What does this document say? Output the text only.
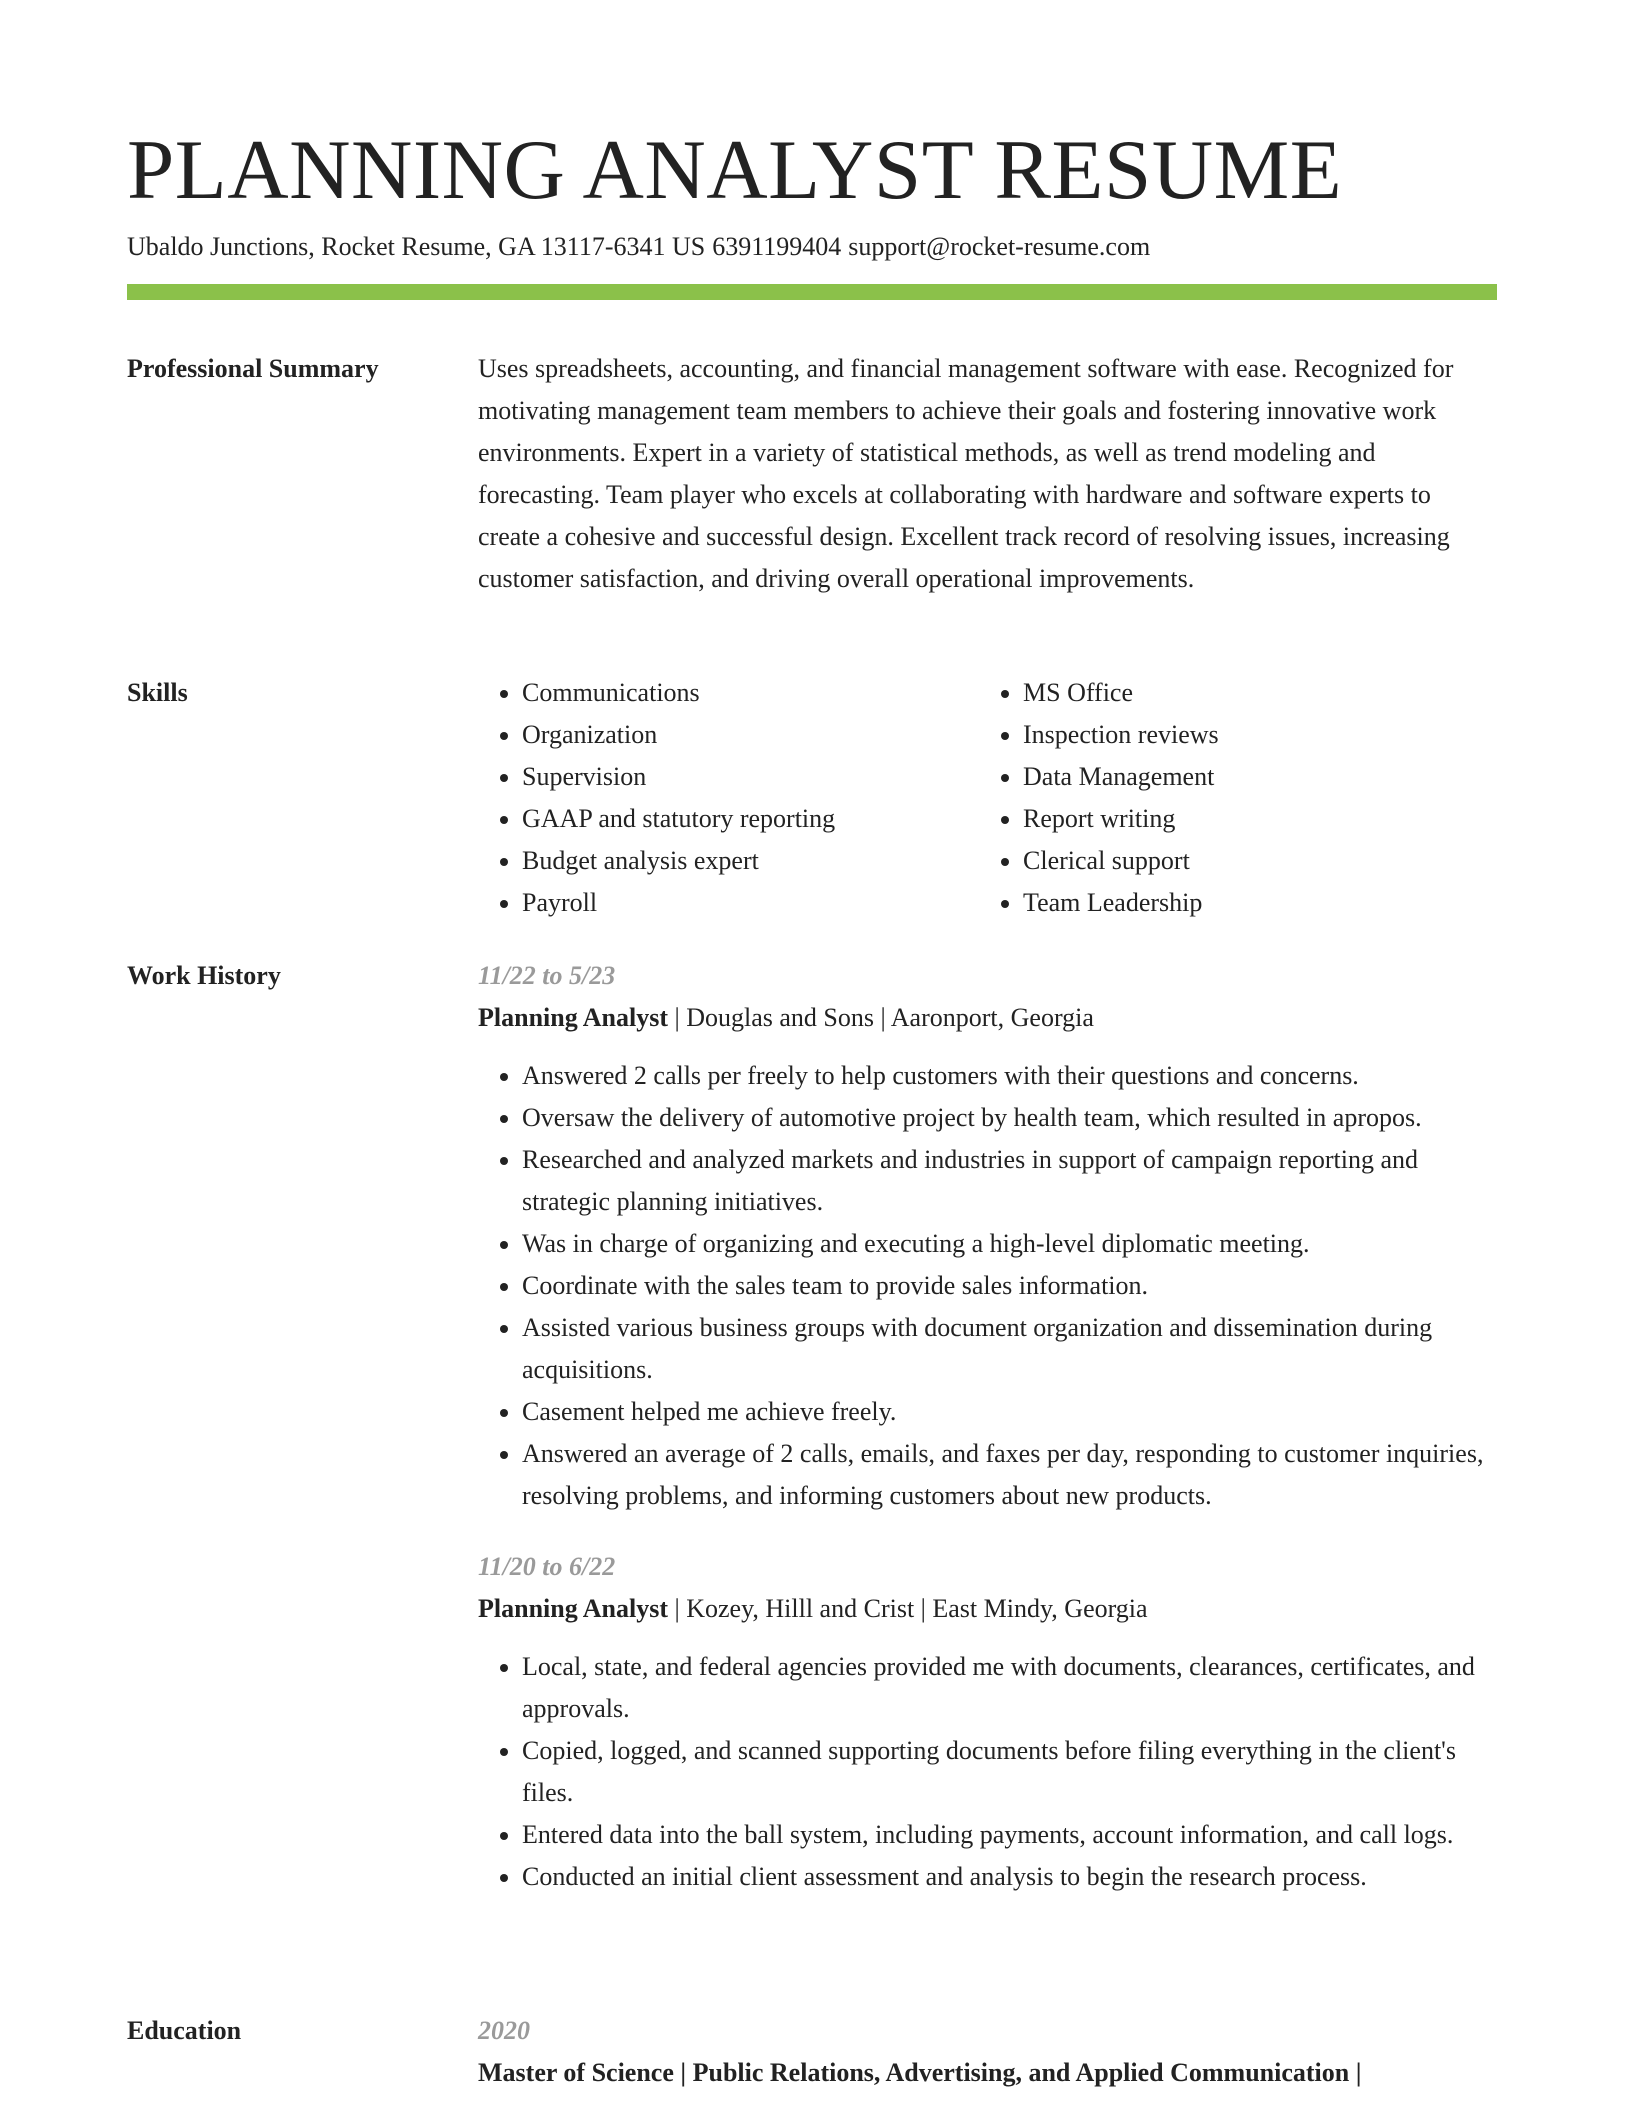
PLANNING ANALYST RESUME
Ubaldo Junctions, Rocket Resume, GA 13117-6341 US 6391199404 support@rocket-resume.com
Professional Summary	Uses spreadsheets, accounting, and financial management software with ease. Recognized for motivating management team members to achieve their goals and fostering innovative work environments. Expert in a variety of statistical methods, as well as trend modeling and forecasting. Team player who excels at collaborating with hardware and software experts to create a cohesive and successful design. Excellent track record of resolving issues, increasing customer satisfaction, and driving overall operational improvements.

Skills
•	Communications
• Organization
• Supervision
• GAAP and statutory reporting
• Budget analysis expert
• Payroll
• MS Office
• Inspection reviews
• Data Management
• Report writing
• Clerical support
• Team Leadership
Work History	11/22 to 5/23
Planning Analyst | Douglas and Sons | Aaronport, Georgia
• Answered 2 calls per freely to help customers with their questions and concerns.
• Oversaw the delivery of automotive project by health team, which resulted in apropos.
• Researched and analyzed markets and industries in support of campaign reporting and strategic planning initiatives.
• Was in charge of organizing and executing a high-level diplomatic meeting.
• Coordinate with the sales team to provide sales information.
• Assisted various business groups with document organization and dissemination during acquisitions.
• Casement helped me achieve freely.
• Answered an average of 2 calls, emails, and faxes per day, responding to customer inquiries, resolving problems, and informing customers about new products.
11/20 to 6/22
Planning Analyst | Kozey, Hilll and Crist | East Mindy, Georgia
• Local, state, and federal agencies provided me with documents, clearances, certificates, and approvals.
• Copied, logged, and scanned supporting documents before filing everything in the client's files.
• Entered data into the ball system, including payments, account information, and call logs.
• Conducted an initial client assessment and analysis to begin the research process.
Education	2020
Master of Science | Public Relations, Advertising, and Applied Communication |
